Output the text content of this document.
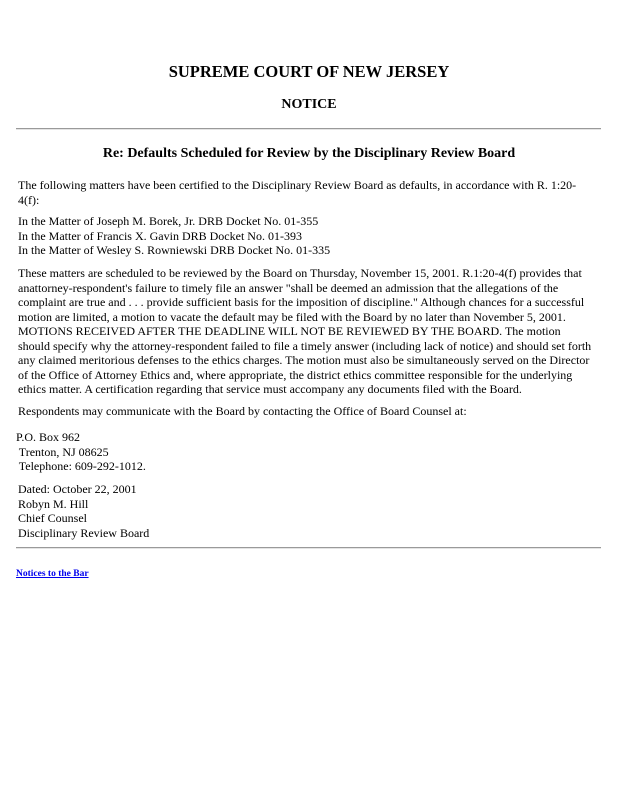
SUPREME COURT OF NEW JERSEY
NOTICE
Re: Defaults Scheduled for Review by the Disciplinary Review Board
The following matters have been certified to the Disciplinary Review Board as defaults, in accordance with R. 1:20-
4(f):
In the Matter of Joseph M. Borek, Jr. DRB Docket No. 01-355
In the Matter of Francis X. Gavin DRB Docket No. 01-393
In the Matter of Wesley S. Rowniewski DRB Docket No. 01-335
These matters are scheduled to be reviewed by the Board on Thursday, November 15, 2001. R.1:20-4(f) provides that
anattorney-respondent's failure to timely file an answer "shall be deemed an admission that the allegations of the
complaint are true and . . . provide sufficient basis for the imposition of discipline." Although chances for a successful
motion are limited, a motion to vacate the default may be filed with the Board by no later than November 5, 2001.
MOTIONS RECEIVED AFTER THE DEADLINE WILL NOT BE REVIEWED BY THE BOARD. The motion
should specify why the attorney-respondent failed to file a timely answer (including lack of notice) and should set forth
any claimed meritorious defenses to the ethics charges. The motion must also be simultaneously served on the Director
of the Office of Attorney Ethics and, where appropriate, the district ethics committee responsible for the underlying
ethics matter. A certification regarding that service must accompany any documents filed with the Board.
Respondents may communicate with the Board by contacting the Office of Board Counsel at:
P.O. Box 962
Trenton, NJ 08625
Telephone: 609-292-1012.
Dated: October 22, 2001
Robyn M. Hill
Chief Counsel
Disciplinary Review Board
Notices to the Bar
